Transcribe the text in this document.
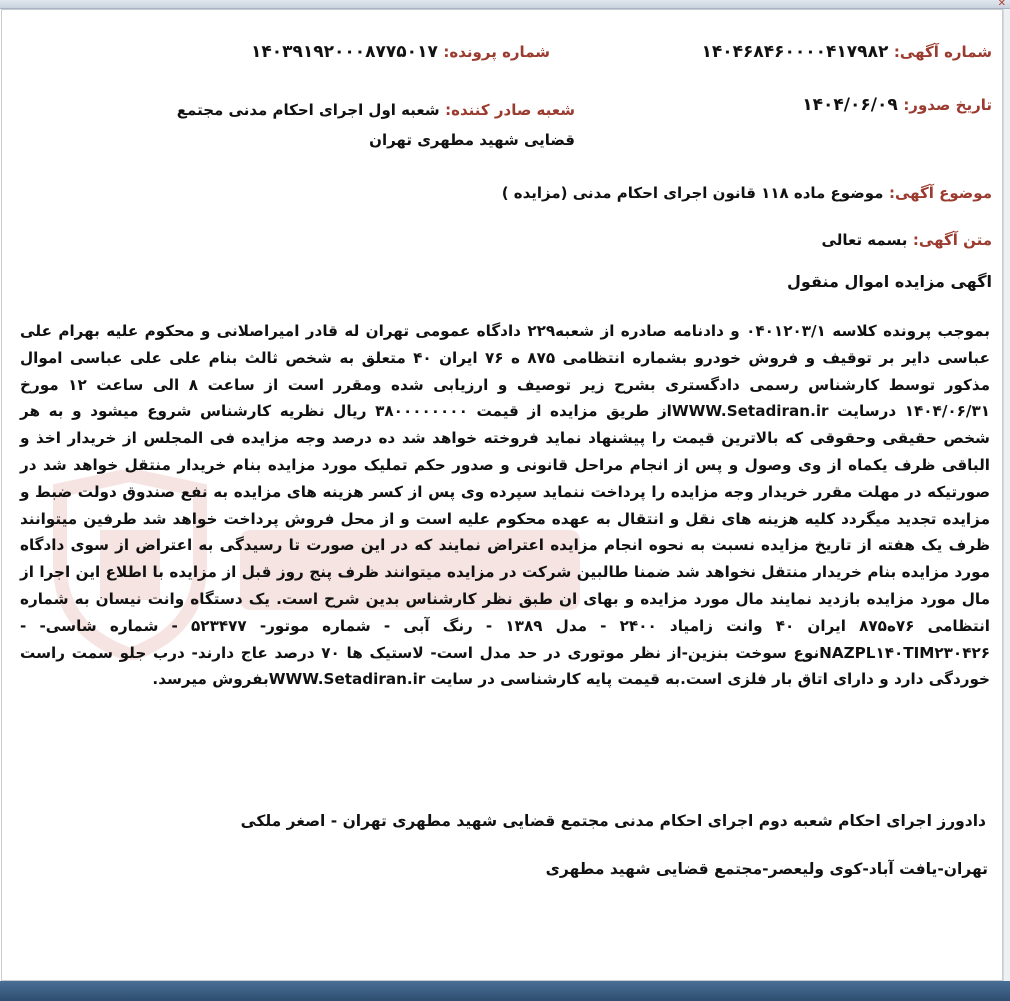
✕
شماره آگهی: ۱۴۰۴۶۸۴۶۰۰۰۰۴۱۷۹۸۲
شماره پرونده: ۱۴۰۳۹۱۹۲۰۰۰۸۷۷۵۰۱۷
تاریخ صدور: ۱۴۰۴/۰۶/۰۹
شعبه صادر کننده: شعبه اول اجرای احکام مدنی مجتمع قضایی شهید مطهری تهران
موضوع آگهی: موضوع ماده ۱۱۸ قانون اجرای احکام مدنی (مزایده )
متن آگهی: بسمه تعالی
اگهی مزایده اموال منقول
بموجب پرونده کلاسه ۰۴۰۱۲۰۳/۱ و دادنامه صادره از شعبه۲۲۹ دادگاه عمومی تهران له قادر امیراصلانی و محکوم علیه بهرام علی عباسی دایر بر توقیف و فروش خودرو بشماره انتظامی ۸۷۵ ه ۷۶ ایران ۴۰ متعلق به شخص ثالث بنام علی علی عباسی اموال مذکور توسط کارشناس رسمی دادگستری بشرح زیر توصیف و ارزیابی شده ومقرر است از ساعت ۸ الی ساعت ۱۲ مورخ ۱۴۰۴/۰۶/۳۱ درسایت WWW.Setadiran.irاز طریق مزایده از قیمت ۳۸۰۰۰۰۰۰۰۰ ریال نظریه کارشناس شروع میشود و به هر شخص حقیقی وحقوقی که بالاترین قیمت را پیشنهاد نماید فروخته خواهد شد ده درصد وجه مزایده فی المجلس از خریدار اخذ و الباقی ظرف یکماه از وی وصول و پس از انجام مراحل قانونی و صدور حکم تملیک مورد مزایده بنام خریدار منتقل خواهد شد در صورتیکه در مهلت مقرر خریدار وجه مزایده را پرداخت ننماید سپرده وی پس از کسر هزینه های مزایده به نفع صندوق دولت ضبط و مزایده تجدید میگردد کلیه هزینه های نقل و انتقال به عهده محکوم علیه است و از محل فروش پرداخت خواهد شد طرفین میتوانند ظرف یک هفته از تاریخ مزایده نسبت به نحوه انجام مزایده اعتراض نمایند که در این صورت تا رسیدگی به اعتراض از سوی دادگاه مورد مزایده بنام خریدار منتقل نخواهد شد ضمنا طالبین شرکت در مزایده میتوانند ظرف پنج روز قبل از مزایده با اطلاع این اجرا از مال مورد مزایده بازدید نمایند مال مورد مزایده و بهای ان طبق نظر کارشناس بدین شرح است. یک دستگاه وانت نیسان به شماره انتظامی ۷۶ه۸۷۵ ایران ۴۰ وانت زامیاد ۲۴۰۰ - مدل ۱۳۸۹ - رنگ آبی - شماره موتور- ۵۲۳۴۷۷ - شماره شاسی- - NAZPL۱۴۰TIM۲۳۰۴۲۶نوع سوخت بنزین-از نظر موتوری در حد مدل است- لاستیک ها ۷۰ درصد عاج دارند- درب جلو سمت راست خوردگی دارد و دارای اتاق بار فلزی است.به قیمت پایه کارشناسی در سایت WWW.Setadiran.irبفروش میرسد.
دادورز اجرای احکام شعبه دوم اجرای احکام مدنی مجتمع قضایی شهید مطهری تهران - اصغر ملکی
تهران-یافت آباد-کوی ولیعصر-مجتمع قضایی شهید مطهری
